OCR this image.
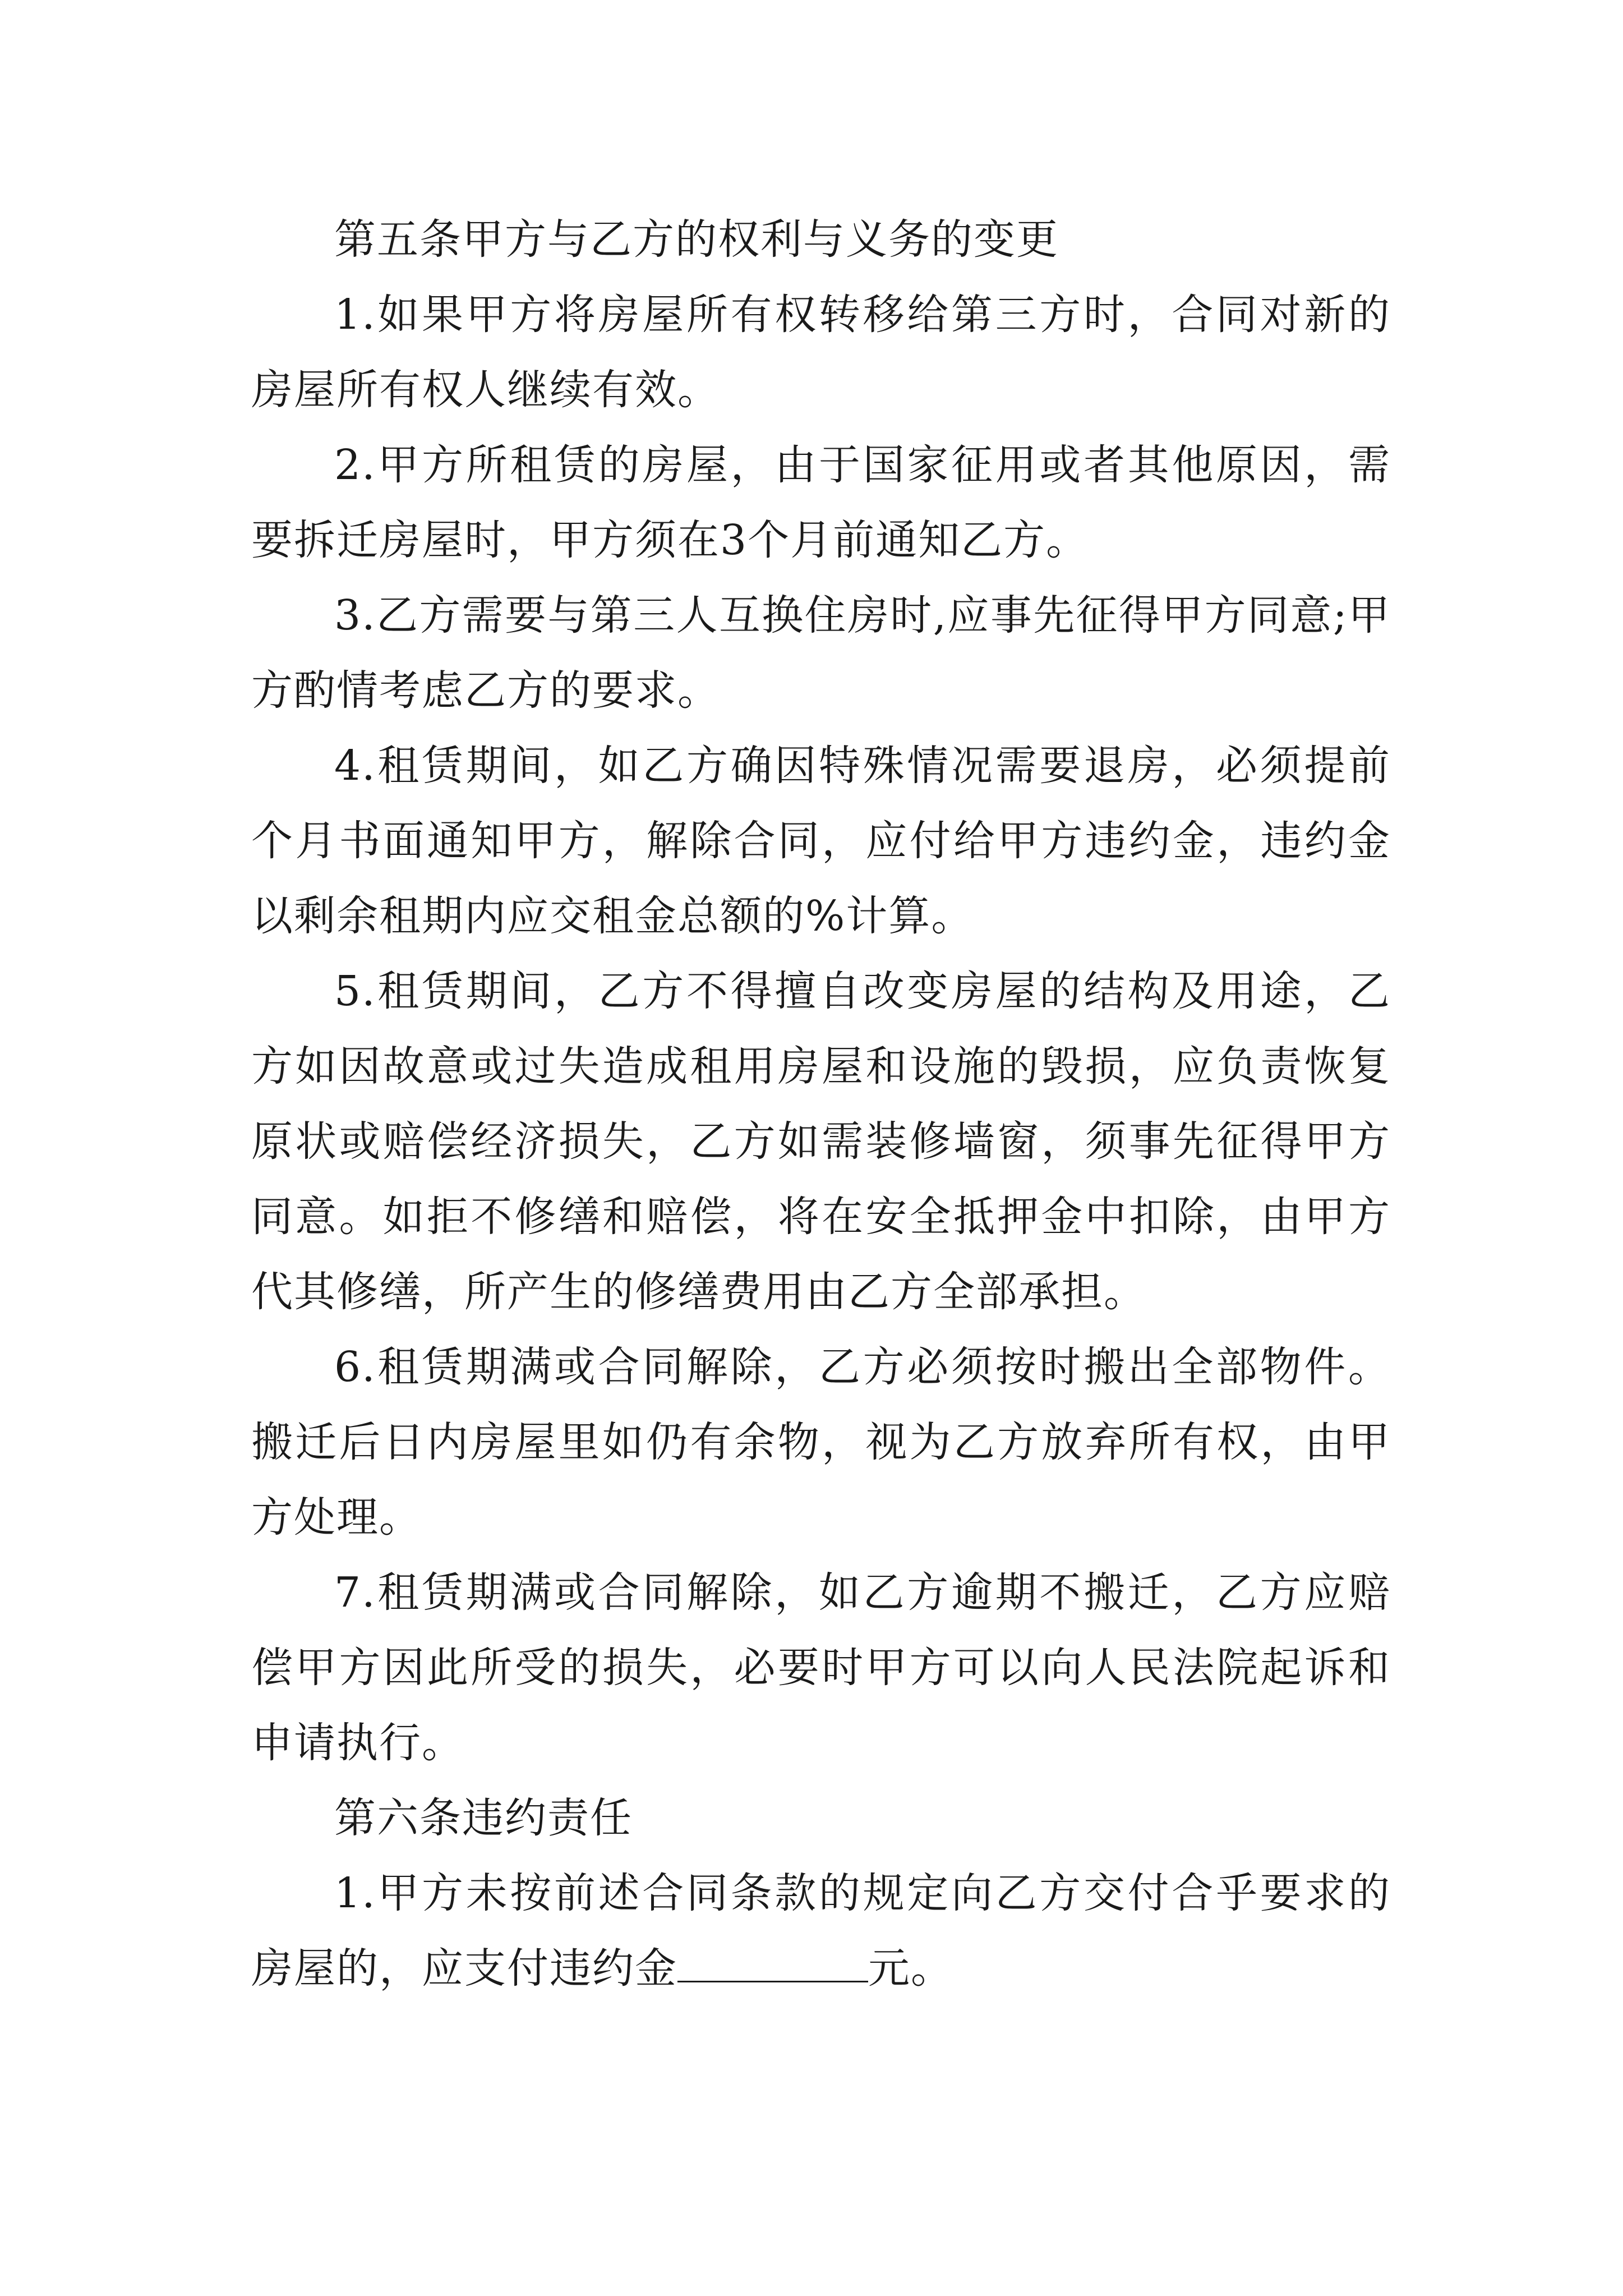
第五条甲方与乙方的权利与义务的变更

1.如果甲方将房屋所有权转移给第三方时，合同对新的房屋所有权人继续有效。

2.甲方所租赁的房屋，由于国家征用或者其他原因，需要拆迁房屋时，甲方须在3个月前通知乙方。

3.乙方需要与第三人互换住房时,应事先征得甲方同意;甲方酌情考虑乙方的要求。

4.租赁期间，如乙方确因特殊情况需要退房，必须提前个月书面通知甲方，解除合同，应付给甲方违约金，违约金以剩余租期内应交租金总额的%计算。

5.租赁期间，乙方不得擅自改变房屋的结构及用途，乙方如因故意或过失造成租用房屋和设施的毁损，应负责恢复原状或赔偿经济损失，乙方如需装修墙窗，须事先征得甲方同意。如拒不修缮和赔偿，将在安全抵押金中扣除，由甲方代其修缮，所产生的修缮费用由乙方全部承担。

6.租赁期满或合同解除，乙方必须按时搬出全部物件。搬迁后日内房屋里如仍有余物，视为乙方放弃所有权，由甲方处理。

7.租赁期满或合同解除，如乙方逾期不搬迁，乙方应赔偿甲方因此所受的损失，必要时甲方可以向人民法院起诉和申请执行。

第六条违约责任

1.甲方未按前述合同条款的规定向乙方交付合乎要求的房屋的，应支付违约金	元。
